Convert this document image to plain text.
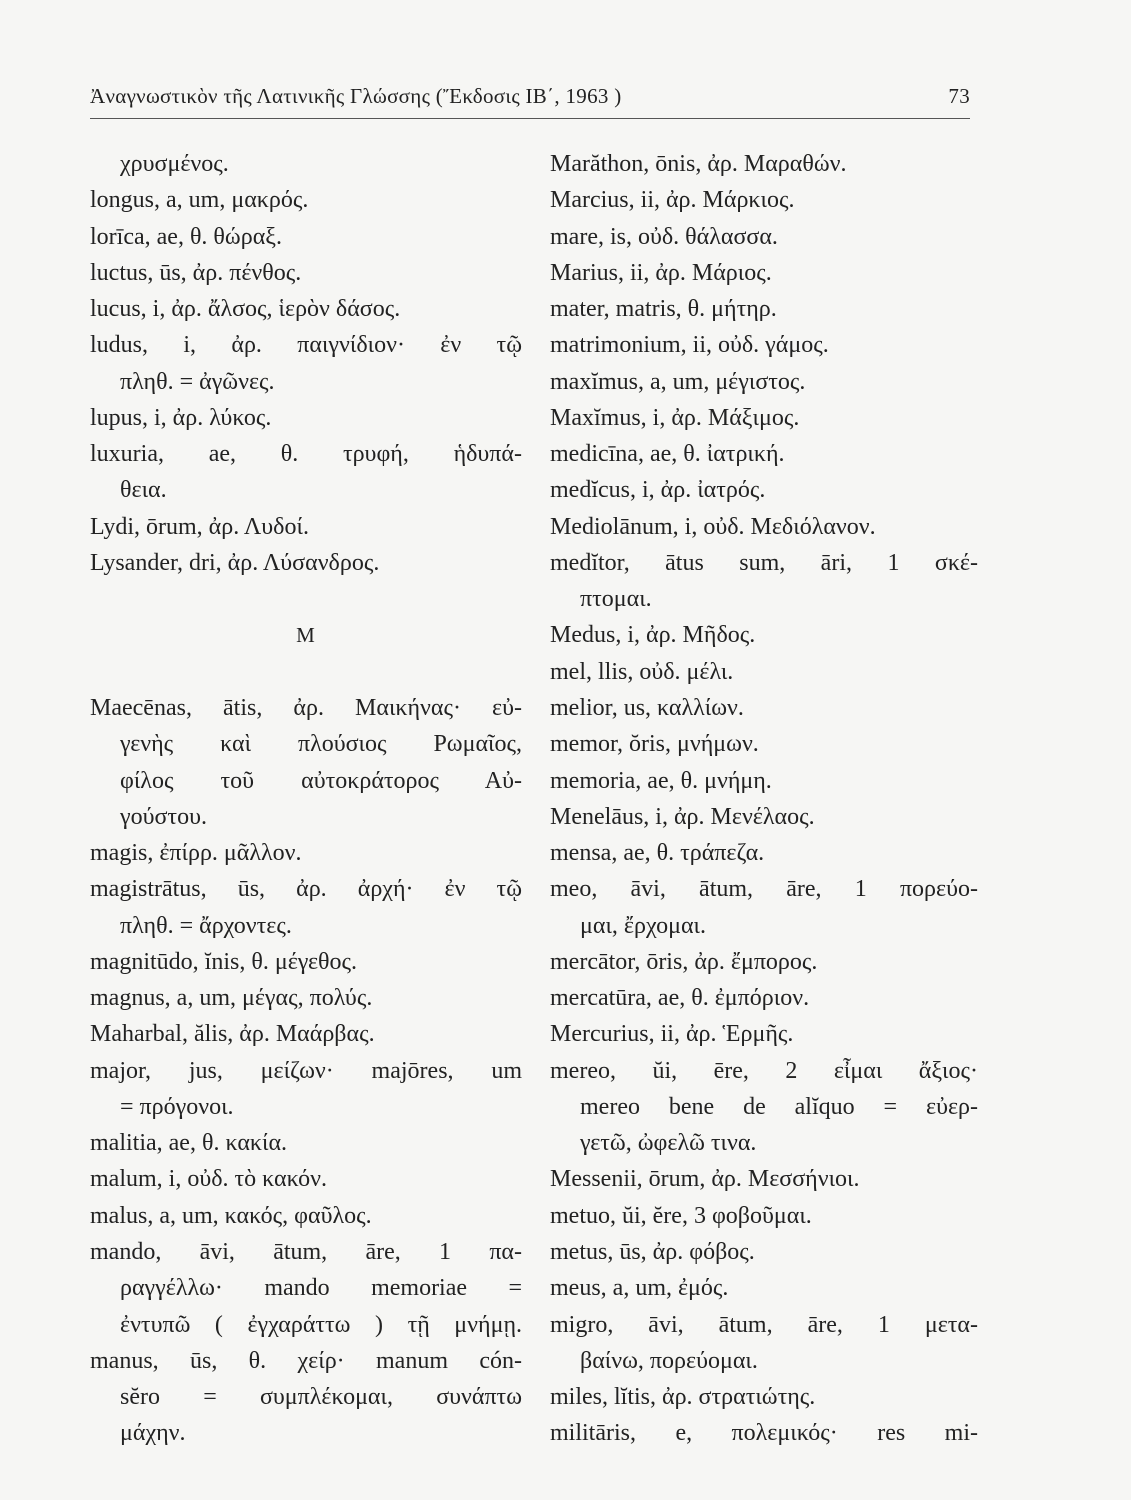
Ἀναγνωστικὸν τῆς Λατινικῆς Γλώσσης (Ἔκδοσις ΙΒ΄, 1963 )	73
χρυσμένος.
longus, a, um, μακρός.
lorīca, ae, θ. θώραξ.
luctus, ūs, ἀρ. πένθος.
lucus, i, ἀρ. ἄλσος, ἱερὸν δάσος.
ludus, i, ἀρ. παιγνίδιον· ἐν τῷ
πληθ. = ἀγῶνες.
lupus, i, ἀρ. λύκος.
luxuria, ae, θ. τρυφή, ἡδυπά-
θεια.
Lydi, ōrum, ἀρ. Λυδοί.
Lysander, dri, ἀρ. Λύσανδρος.
M
Maecēnas, ātis, ἀρ. Μαικήνας· εὐ-
γενὴς καὶ πλούσιος Ρωμαῖος,
φίλος τοῦ αὐτοκράτορος Αὐ-
γούστου.
magis, ἐπίρρ. μᾶλλον.
magistrātus, ūs, ἀρ. ἀρχή· ἐν τῷ
πληθ. = ἄρχοντες.
magnitūdo, ĭnis, θ. μέγεθος.
magnus, a, um, μέγας, πολύς.
Maharbal, ălis, ἀρ. Μαάρβας.
major, jus, μείζων· majōres, um
= πρόγονοι.
malitia, ae, θ. κακία.
malum, i, οὐδ. τὸ κακόν.
malus, a, um, κακός, φαῦλος.
mando, āvi, ātum, āre, 1 πα-
ραγγέλλω· mando memoriae =
ἐντυπῶ ( ἐγχαράττω ) τῇ μνήμῃ.
manus, ūs, θ. χείρ· manum cón-
sĕro = συμπλέκομαι, συνάπτω
μάχην.
Marăthon, ōnis, ἀρ. Μαραθών.
Marcius, ii, ἀρ. Μάρκιος.
mare, is, οὐδ. θάλασσα.
Marius, ii, ἀρ. Μάριος.
mater, matris, θ. μήτηρ.
matrimonium, ii, οὐδ. γάμος.
maxĭmus, a, um, μέγιστος.
Maxĭmus, i, ἀρ. Μάξιμος.
medicīna, ae, θ. ἰατρική.
medĭcus, i, ἀρ. ἰατρός.
Mediolānum, i, οὐδ. Μεδιόλανον.
medĭtor, ātus sum, āri, 1 σκέ-
πτομαι.
Medus, i, ἀρ. Μῆδος.
mel, llis, οὐδ. μέλι.
melior, us, καλλίων.
memor, ŏris, μνήμων.
memoria, ae, θ. μνήμη.
Menelāus, i, ἀρ. Μενέλαος.
mensa, ae, θ. τράπεζα.
meo, āvi, ātum, āre, 1 πορεύο-
μαι, ἔρχομαι.
mercātor, ōris, ἀρ. ἔμπορος.
mercatūra, ae, θ. ἐμπόριον.
Mercurius, ii, ἀρ. Ἑρμῆς.
mereo, ŭi, ēre, 2 εἶμαι ἄξιος·
mereo bene de alĭquo = εὐερ-
γετῶ, ὠφελῶ τινα.
Messenii, ōrum, ἀρ. Μεσσήνιοι.
metuo, ŭi, ĕre, 3 φοβοῦμαι.
metus, ūs, ἀρ. φόβος.
meus, a, um, ἐμός.
migro, āvi, ātum, āre, 1 μετα-
βαίνω, πορεύομαι.
miles, lĭtis, ἀρ. στρατιώτης.
militāris, e, πολεμικός· res mi-
